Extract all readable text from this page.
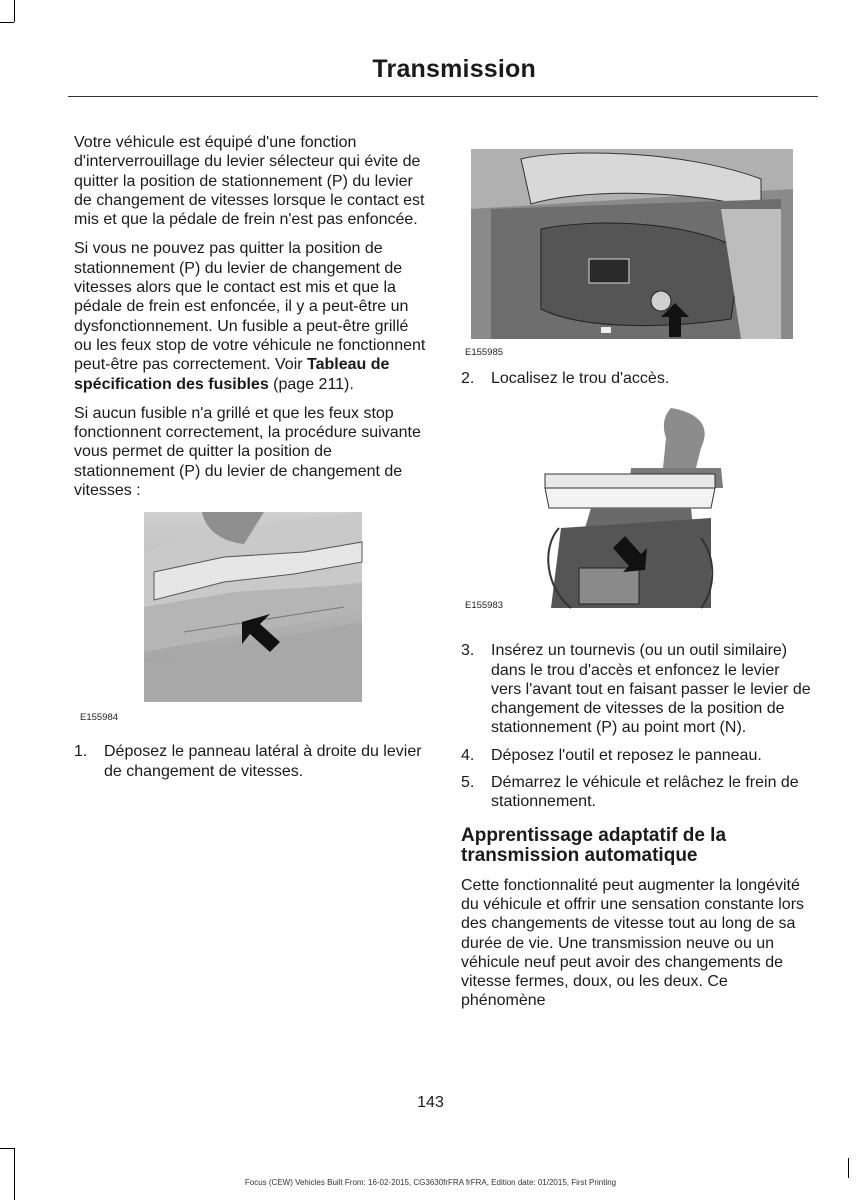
Transmission

Votre véhicule est équipé d'une fonction d'interverrouillage du levier sélecteur qui évite de quitter la position de stationnement (P) du levier de changement de vitesses lorsque le contact est mis et que la pédale de frein n'est pas enfoncée.

Si vous ne pouvez pas quitter la position de stationnement (P) du levier de changement de vitesses alors que le contact est mis et que la pédale de frein est enfoncée, il y a peut-être un dysfonctionnement. Un fusible a peut-être grillé ou les feux stop de votre véhicule ne fonctionnent peut-être pas correctement. Voir Tableau de spécification des fusibles (page 211).

Si aucun fusible n'a grillé et que les feux stop fonctionnent correctement, la procédure suivante vous permet de quitter la position de stationnement (P) du levier de changement de vitesses :

E155984
1.	Déposez le panneau latéral à droite du levier de changement de vitesses.
E155985
2.	Localisez le trou d'accès.
E155983
3.	Insérez un tournevis (ou un outil similaire) dans le trou d'accès et enfoncez le levier vers l'avant tout en faisant passer le levier de changement de vitesses de la position de stationnement (P) au point mort (N).
4.	Déposez l'outil et reposez le panneau.
5.	Démarrez le véhicule et relâchez le frein de stationnement.
Apprentissage adaptatif de la transmission automatique

Cette fonctionnalité peut augmenter la longévité du véhicule et offrir une sensation constante lors des changements de vitesse tout au long de sa durée de vie. Une transmission neuve ou un véhicule neuf peut avoir des changements de vitesse fermes, doux, ou les deux. Ce phénomène

143
Focus (CEW) Vehicles Built From: 16-02-2015, CG3630frFRA frFRA, Edition date: 01/2015, First Printing
